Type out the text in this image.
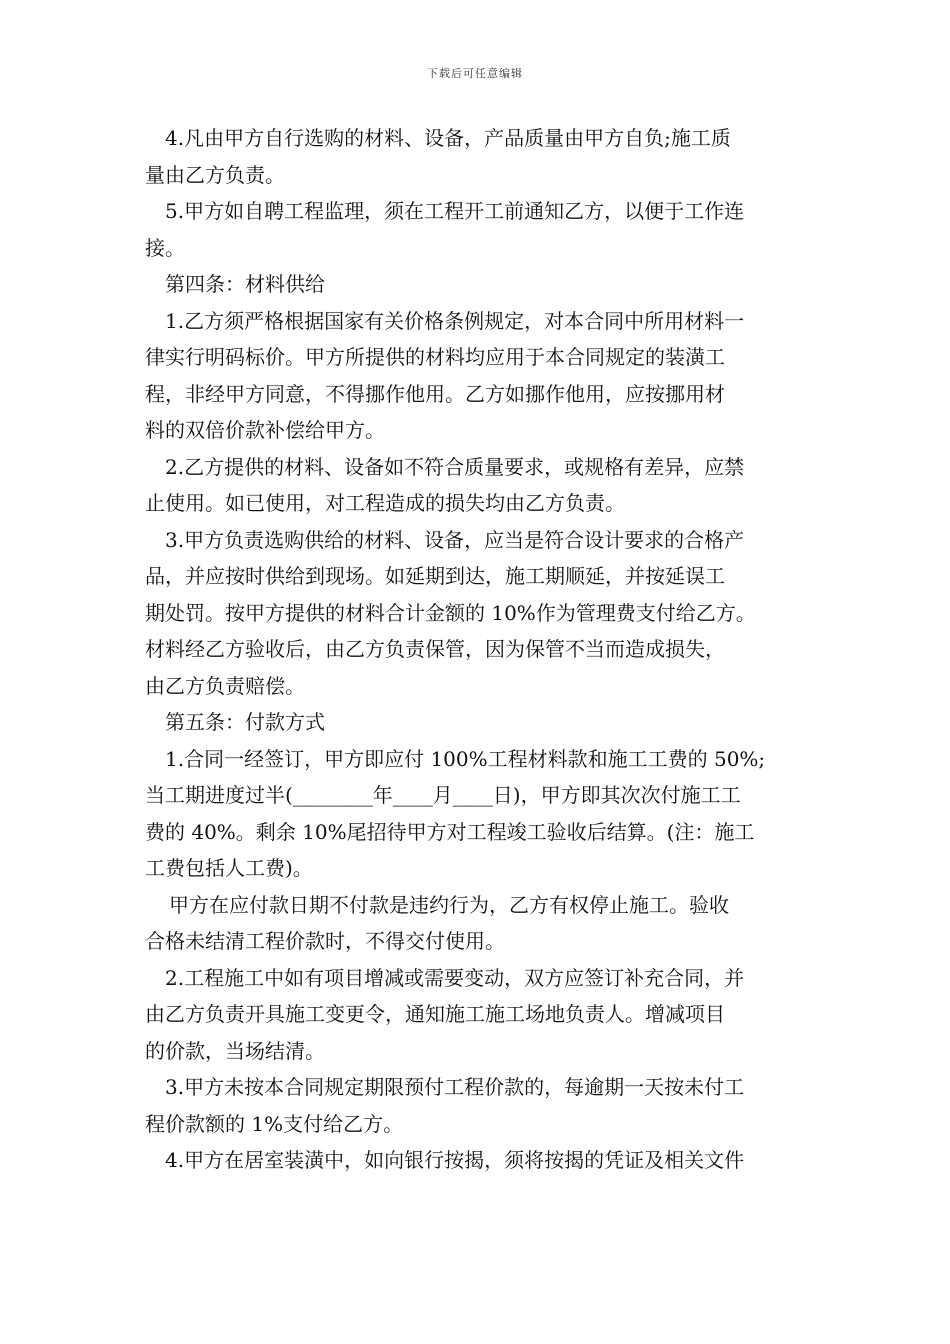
下载后可任意编辑
4.凡由甲方自行选购的材料、设备，产品质量由甲方自负;施工质
量由乙方负责。
5.甲方如自聘工程监理，须在工程开工前通知乙方，以便于工作连
接。
第四条：材料供给
1.乙方须严格根据国家有关价格条例规定，对本合同中所用材料一
律实行明码标价。甲方所提供的材料均应用于本合同规定的装潢工
程，非经甲方同意，不得挪作他用。乙方如挪作他用，应按挪用材
料的双倍价款补偿给甲方。
2.乙方提供的材料、设备如不符合质量要求，或规格有差异，应禁
止使用。如已使用，对工程造成的损失均由乙方负责。
3.甲方负责选购供给的材料、设备，应当是符合设计要求的合格产
品，并应按时供给到现场。如延期到达，施工期顺延，并按延误工
期处罚。按甲方提供的材料合计金额的 10%作为管理费支付给乙方。
材料经乙方验收后，由乙方负责保管，因为保管不当而造成损失，
由乙方负责赔偿。
第五条：付款方式
1.合同一经签订，甲方即应付 100%工程材料款和施工工费的 50%;
当工期进度过半(________年____月____日)，甲方即其次次付施工工
费的 40%。剩余 10%尾招待甲方对工程竣工验收后结算。(注：施工
工费包括人工费)。
甲方在应付款日期不付款是违约行为，乙方有权停止施工。验收
合格未结清工程价款时，不得交付使用。
2.工程施工中如有项目增减或需要变动，双方应签订补充合同，并
由乙方负责开具施工变更令，通知施工施工场地负责人。增减项目
的价款，当场结清。
3.甲方未按本合同规定期限预付工程价款的，每逾期一天按未付工
程价款额的 1%支付给乙方。
4.甲方在居室装潢中，如向银行按揭，须将按揭的凭证及相关文件
